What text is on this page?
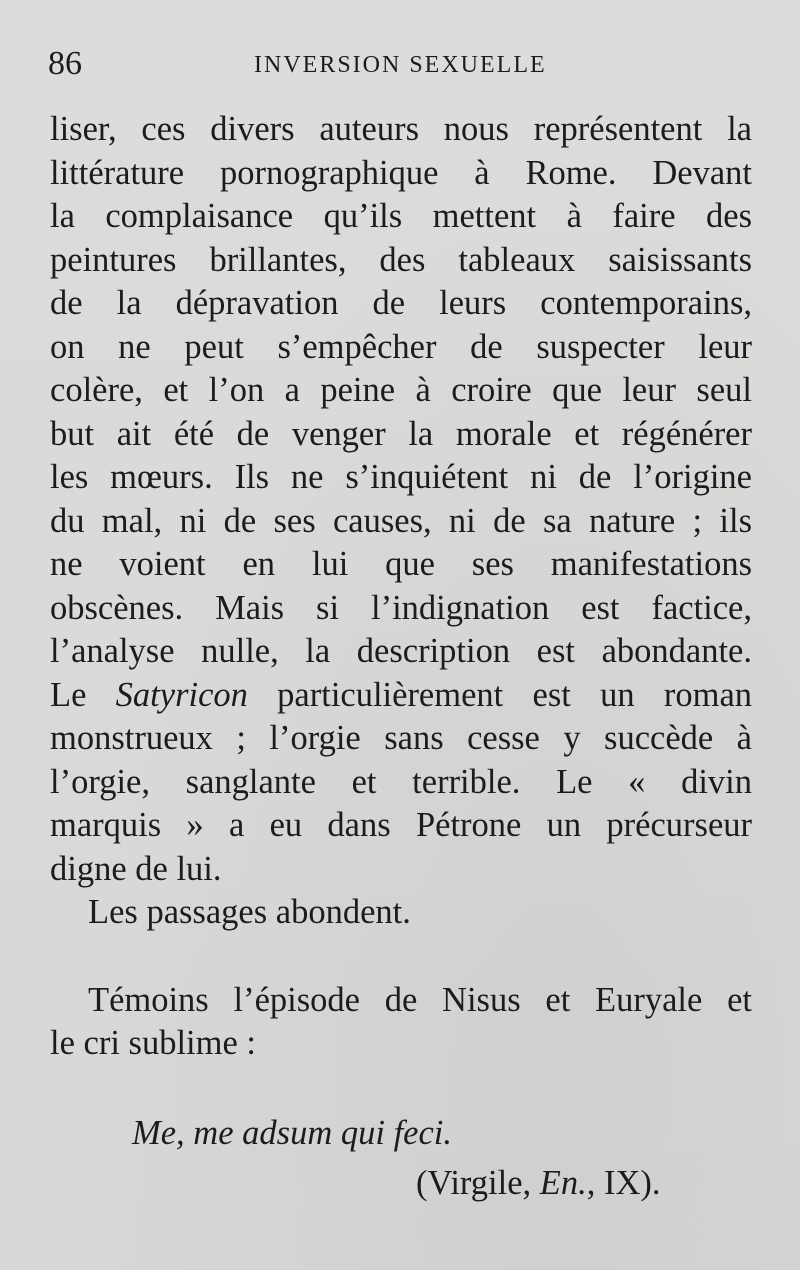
86	INVERSION SEXUELLE
liser, ces divers auteurs nous représentent la
littérature pornographique à Rome. Devant
la complaisance qu’ils mettent à faire des
peintures brillantes, des tableaux saisissants
de la dépravation de leurs contemporains,
on ne peut s’empêcher de suspecter leur
colère, et l’on a peine à croire que leur seul
but ait été de venger la morale et régénérer
les mœurs. Ils ne s’inquiétent ni de l’origine
du mal, ni de ses causes, ni de sa nature ; ils
ne voient en lui que ses manifestations
obscènes. Mais si l’indignation est factice,
l’analyse nulle, la description est abondante.
Le Satyricon particulièrement est un roman
monstrueux ; l’orgie sans cesse y succède à
l’orgie, sanglante et terrible. Le « divin
marquis » a eu dans Pétrone un précurseur
digne de lui.
Les passages abondent.
Témoins l’épisode de Nisus et Euryale et
le cri sublime :
Me, me adsum qui feci.
(Virgile, En., IX).
